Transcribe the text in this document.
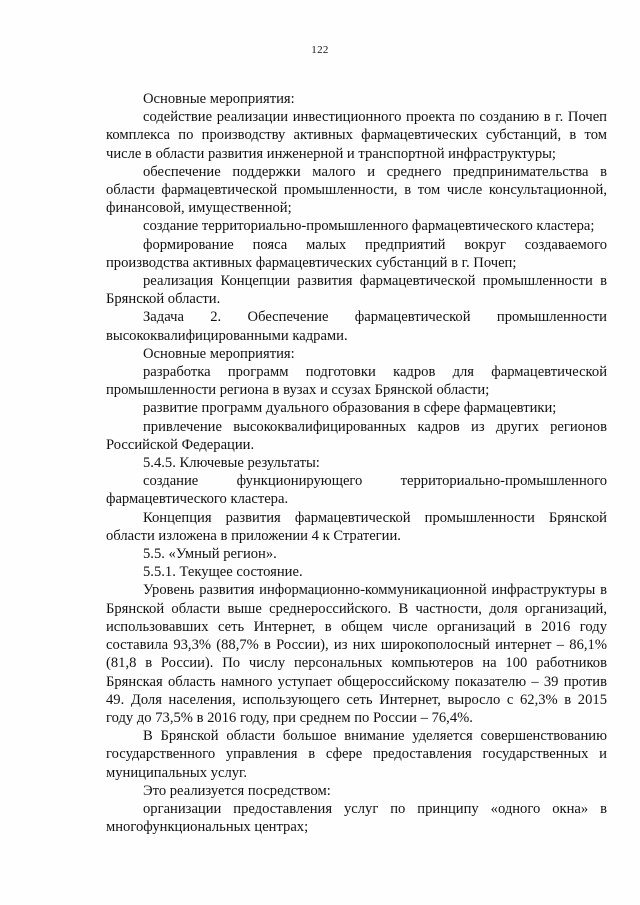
122

Основные мероприятия:

содействие реализации инвестиционного проекта по созданию в г. Почеп комплекса по производству активных фармацевтических субстанций, в том числе в области развития инженерной и транспортной инфраструктуры;

обеспечение поддержки малого и среднего предпринимательства в области фармацевтической промышленности, в том числе консультационной, финансовой, имущественной;

создание территориально-промышленного фармацевтического кластера;

формирование пояса малых предприятий вокруг создаваемого производства активных фармацевтических субстанций в г. Почеп;

реализация Концепции развития фармацевтической промышленности в Брянской области.

Задача 2. Обеспечение фармацевтической промышленности высококвалифицированными кадрами.

Основные мероприятия:

разработка программ подготовки кадров для фармацевтической промышленности региона в вузах и ссузах Брянской области;

развитие программ дуального образования в сфере фармацевтики;

привлечение высококвалифицированных кадров из других регионов Российской Федерации.

5.4.5. Ключевые результаты:

создание функционирующего территориально-промышленного фармацевтического кластера.

Концепция развития фармацевтической промышленности Брянской области изложена в приложении 4 к Стратегии.

5.5. «Умный регион».

5.5.1. Текущее состояние.

Уровень развития информационно-коммуникационной инфраструктуры в Брянской области выше среднероссийского. В частности, доля организаций, использовавших сеть Интернет, в общем числе организаций в 2016 году составила 93,3% (88,7% в России), из них широкополосный интернет – 86,1% (81,8 в России). По числу персональных компьютеров на 100 работников Брянская область намного уступает общероссийскому показателю – 39 против 49. Доля населения, использующего сеть Интернет, выросло с 62,3% в 2015 году до 73,5% в 2016 году, при среднем по России – 76,4%.

В Брянской области большое внимание уделяется совершенствованию государственного управления в сфере предоставления государственных и муниципальных услуг.

Это реализуется посредством:

организации предоставления услуг по принципу «одного окна» в многофункциональных центрах;
